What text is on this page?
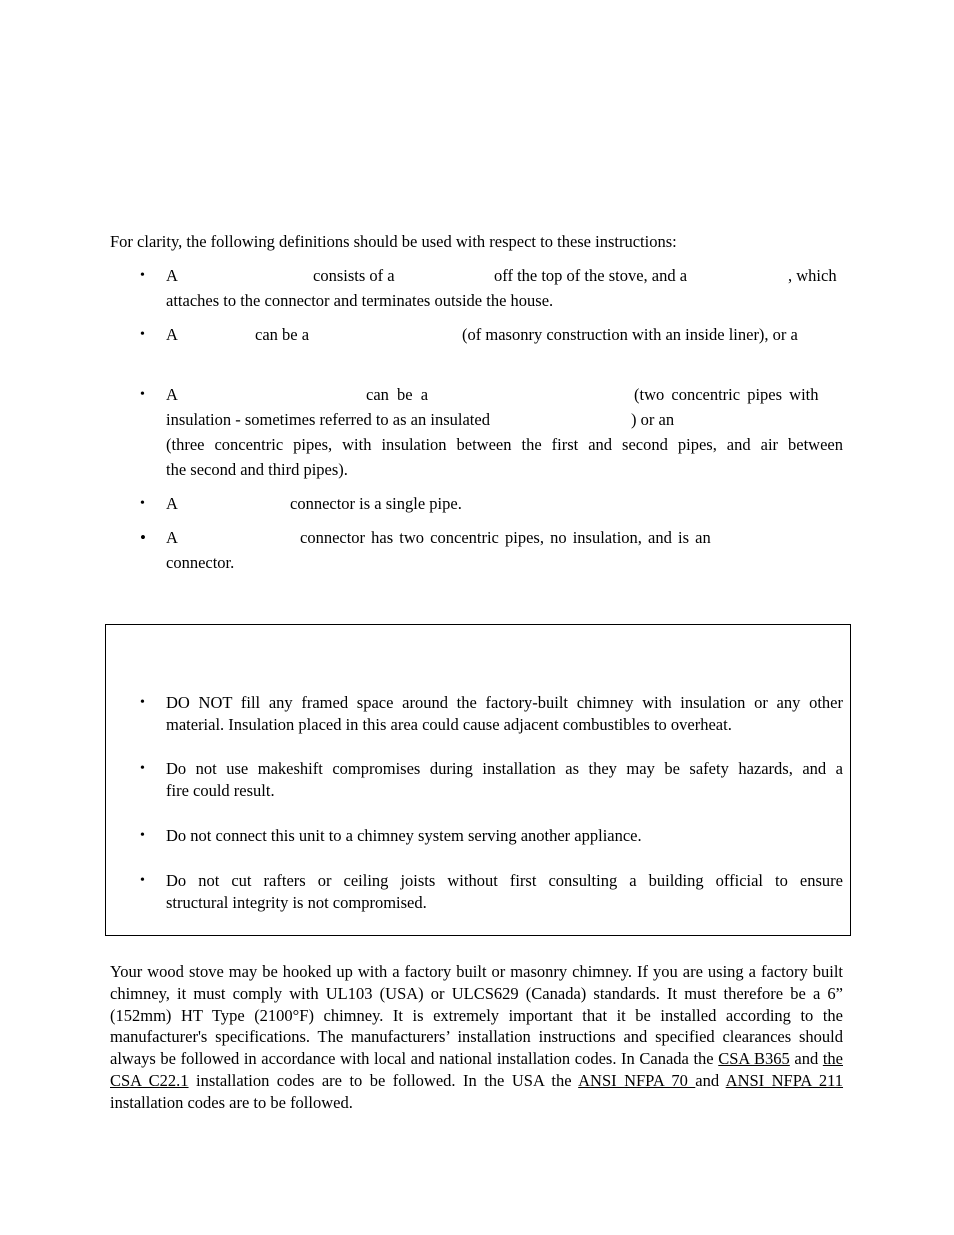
For clarity, the following definitions should be used with respect to these instructions:
• A	consists of a	off the top of the stove, and a	, which
attaches to the connector and terminates outside the house.
• A	can be a	(of masonry construction with an inside liner), or a
• A	can be a	(two concentric pipes with
insulation - sometimes referred to as an insulated	) or an
(three concentric pipes, with insulation between the first and second pipes, and air between
the second and third pipes).
• A	connector is a single pipe.
• A	connector has two concentric pipes, no insulation, and is an
connector.
• DO NOT fill any framed space around the factory-built chimney with insulation or any other
material. Insulation placed in this area could cause adjacent combustibles to overheat.
• Do not use makeshift compromises during installation as they may be safety hazards, and a
fire could result.
• Do not connect this unit to a chimney system serving another appliance.
• Do not cut rafters or ceiling joists without first consulting a building official to ensure
structural integrity is not compromised.
Your wood stove may be hooked up with a factory built or masonry chimney. If you are using a factory built chimney, it must comply with UL103 (USA) or ULCS629 (Canada) standards. It must therefore be a 6” (152mm) HT Type (2100°F) chimney. It is extremely important that it be installed according to the manufacturer's specifications. The manufacturers’ installation instructions and specified clearances should always be followed in accordance with local and national installation codes. In Canada the CSA B365 and the CSA C22.1 installation codes are to be followed. In the USA the ANSI NFPA 70 and ANSI NFPA 211 installation codes are to be followed.
